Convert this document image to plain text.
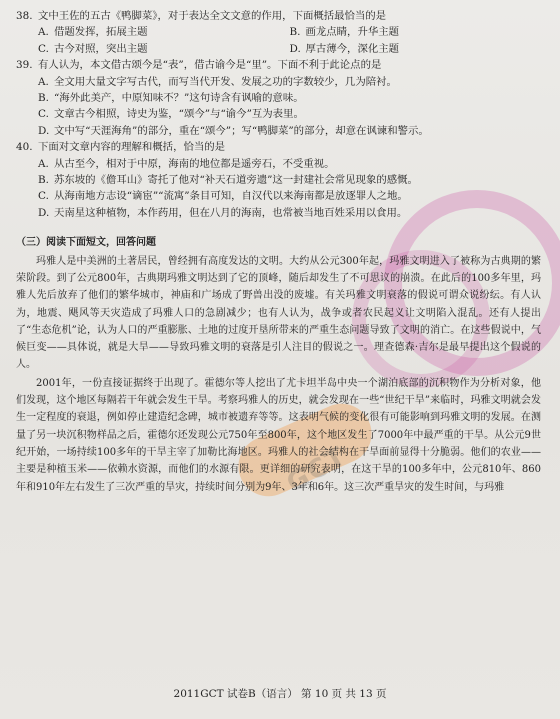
GCT
38. 文中王佐的五古《鸭脚菜》，对于表达全文文意的作用，下面概括最恰当的是
A. 借题发挥，拓展主题	B. 画龙点睛，升华主题
C. 古今对照，突出主题	D. 厚古薄今，深化主题
39. 有人认为，本文借古颂今是“表”，借古谕今是“里”。下面不利于此论点的是
A. 全文用大量文字写古代，而写当代开发、发展之功的字数较少，几为陪衬。
B. “海外此美产，中原知味不？”这句诗含有讽喻的意味。
C. 文章古今相照，诗史为鉴，“颂今”与“谕今”互为表里。
D. 文中写“天涯海角”的部分，重在“颂今”；写“鸭脚菜”的部分，却意在讽谏和警示。
40. 下面对文章内容的理解和概括，恰当的是
A. 从古至今，相对于中原，海南的地位都是遥旁石，不受重视。
B. 苏东坡的《儋耳山》寄托了他对“补天石道旁遗”这一封建社会常见现象的感慨。
C. 从海南地方志设“谪宦”“流寓”条目可知，自汉代以来海南都是放逐罪人之地。
D. 天南星这种植物，本作药用，但在八月的海南，也常被当地百姓采用以食用。
（三）阅读下面短文，回答问题
玛雅人是中美洲的土著居民，曾经拥有高度发达的文明。大约从公元300年起，玛雅文明进入了被称为古典期的繁荣阶段。到了公元800年，古典期玛雅文明达到了它的顶峰，随后却发生了不可思议的崩溃。在此后的100多年里，玛雅人先后放弃了他们的繁华城市，神庙和广场成了野兽出没的废墟。有关玛雅文明衰落的假说可谓众说纷纭。有人认为，地震、飓风等天灾造成了玛雅人口的急剧减少；也有人认为，战争或者农民起义让文明陷入混乱。还有人提出了“生态危机”论，认为人口的严重膨胀、土地的过度开垦所带来的严重生态问题导致了文明的消亡。在这些假说中，气候巨变——具体说，就是大旱——导致玛雅文明的衰落是引人注目的假说之一。理查德森·吉尔是最早提出这个假说的人。
2001年，一份直接证据终于出现了。霍德尔等人挖出了尤卡坦半岛中央一个湖泊底部的沉积物作为分析对象，他们发现，这个地区每隔若干年就会发生干旱。考察玛雅人的历史，就会发现在一些“世纪干旱”来临时，玛雅文明就会发生一定程度的衰退，例如停止建造纪念碑，城市被遗弃等等。这表明气候的变化很有可能影响到玛雅文明的发展。在测量了另一块沉积物样品之后，霍德尔还发现公元750年至800年，这个地区发生了7000年中最严重的干旱。从公元9世纪开始，一场持续100多年的干旱主宰了加勒比海地区。玛雅人的社会结构在干旱面前显得十分脆弱。他们的农业——主要是种植玉米——依赖水资源，而他们的水源有限。更详细的研究表明，在这干旱的100多年中，公元810年、860年和910年左右发生了三次严重的旱灾，持续时间分别为9年、3年和6年。这三次严重旱灾的发生时间，与玛雅
2011GCT 试卷B（语言） 第 10 页 共 13 页
